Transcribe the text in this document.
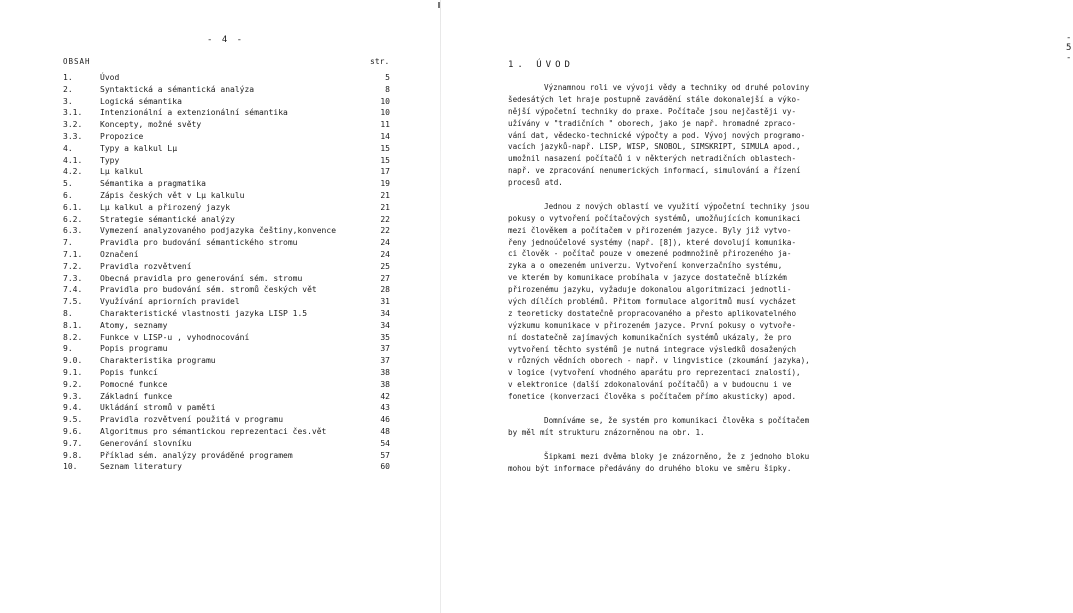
- 4 -
OBSAH	str.
1.	Úvod	5
2.	Syntaktická a sémantická analýza	8
3.	Logická sémantika	10
3.1. Intenzionální a extenzionální sémantika	10
3.2. Koncepty, možné světy	11
3.3. Propozice	14
4.	Typy a kalkul Lμ	15
4.1. Typy	15
4.2. Lμ kalkul	17
5.	Sémantika a pragmatika	19
6.	Zápis českých vět v Lμ kalkulu	21
6.1. Lμ kalkul a přirozený jazyk	21
6.2. Strategie sémantické analýzy	22
6.3. Vymezení analyzovaného podjazyka češtiny,konvence	22
7.	Pravidla pro budování sémantického stromu	24
7.1. Označení	24
7.2. Pravidla rozvětvení	25
7.3. Obecná pravidla pro generování sém. stromu	27
7.4. Pravidla pro budování sém. stromů českých vět	28
7.5. Využívání apriorních pravidel	31
8.	Charakteristické vlastnosti jazyka LISP 1.5	34
8.1. Atomy, seznamy	34
8.2. Funkce v LISP-u , vyhodnocování	35
9.	Popis programu	37
9.0. Charakteristika programu	37
9.1. Popis funkcí	38
9.2. Pomocné funkce	38
9.3. Základní funkce	42
9.4. Ukládání stromů v paměti	43
9.5. Pravidla rozvětvení použitá v programu	46
9.6. Algoritmus pro sémantickou reprezentaci čes.vět	48
9.7. Generování slovníku	54
9.8. Příklad sém. analýzy prováděné programem	57
10.	Seznam literatury	60
- 5 -
1. ÚVOD
Významnou roli ve vývoji vědy a techniky od druhé poloviny
šedesátých let hraje postupně zavádění stále dokonalejší a výko-
nější výpočetní techniky do praxe. Počítače jsou nejčastěji vy-
užívány v "tradičních " oborech, jako je např. hromadné zpraco-
vání dat, vědecko-technické výpočty a pod. Vývoj nových programo-
vacích jazyků-např. LISP, WISP, SNOBOL, SIMSKRIPT, SIMULA apod.,
umožnil nasazení počítačů i v některých netradičních oblastech-
např. ve zpracování nenumerických informací, simulování a řízení
procesů atd.
Jednou z nových oblastí ve využití výpočetní techniky jsou
pokusy o vytvoření počítačových systémů, umožňujících komunikaci
mezi člověkem a počítačem v přirozeném jazyce. Byly již vytvo-
řeny jednoúčelové systémy (např. [8]), které dovolují komunika-
ci člověk - počítač pouze v omezené podmnožině přirozeného ja-
zyka a o omezeném univerzu. Vytvoření konverzačního systému,
ve kterém by komunikace probíhala v jazyce dostatečně blízkém
přirozenému jazyku, vyžaduje dokonalou algoritmizaci jednotli-
vých dílčích problémů. Přitom formulace algoritmů musí vycházet
z teoreticky dostatečně propracovaného a přesto aplikovatelného
výzkumu komunikace v přirozeném jazyce. První pokusy o vytvoře-
ní dostatečně zajímavých komunikačních systémů ukázaly, že pro
vytvoření těchto systémů je nutná integrace výsledků dosažených
v různých vědních oborech - např. v lingvistice (zkoumání jazyka),
v logice (vytvoření vhodného aparátu pro reprezentaci znalostí),
v elektronice (další zdokonalování počítačů) a v budoucnu i ve
fonetice (konverzaci člověka s počítačem přímo akusticky) apod.
Domníváme se, že systém pro komunikaci člověka s počítačem
by měl mít strukturu znázorněnou na obr. 1.
Šipkami mezi dvěma bloky je znázorněno, že z jednoho bloku
mohou být informace předávány do druhého bloku ve směru šipky.
